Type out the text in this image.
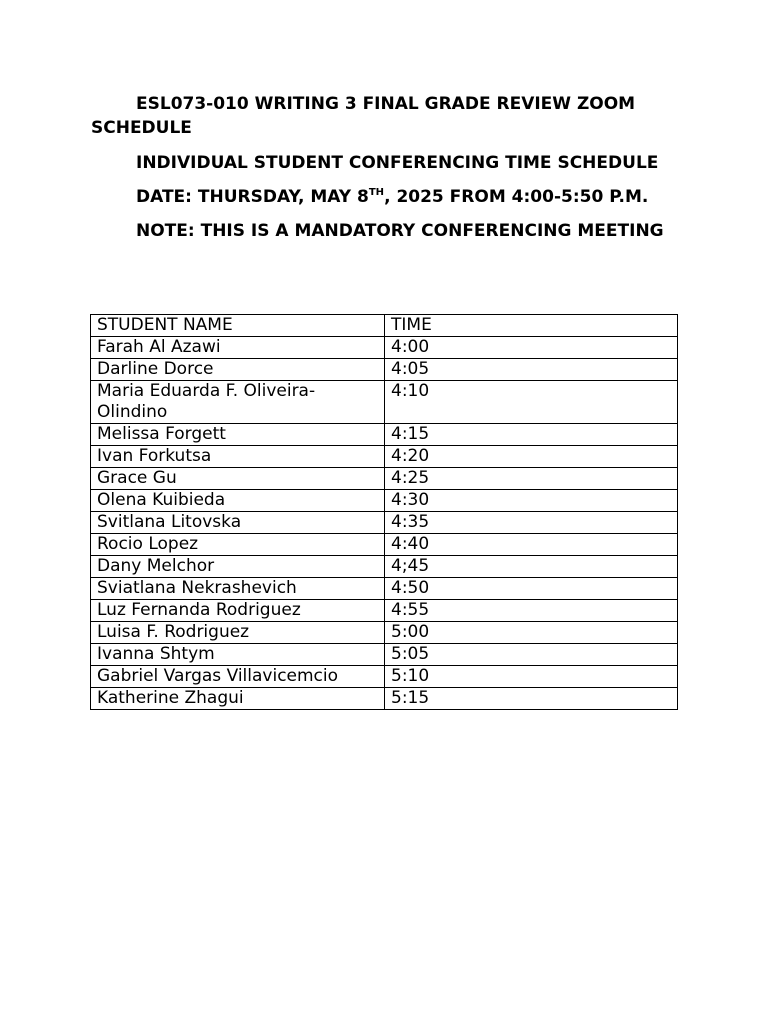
ESL073-010 WRITING 3 FINAL GRADE REVIEW ZOOM SCHEDULE
INDIVIDUAL STUDENT CONFERENCING TIME SCHEDULE
DATE: THURSDAY, MAY 8TH, 2025 FROM 4:00-5:50 P.M.
NOTE: THIS IS A MANDATORY CONFERENCING MEETING
STUDENT NAME	TIME
Farah Al Azawi	4:00
Darline Dorce	4:05
Maria Eduarda F. Oliveira-Olindino	4:10
Melissa Forgett	4:15
Ivan Forkutsa	4:20
Grace Gu	4:25
Olena Kuibieda	4:30
Svitlana Litovska	4:35
Rocio Lopez	4:40
Dany Melchor	4;45
Sviatlana Nekrashevich	4:50
Luz Fernanda Rodriguez	4:55
Luisa F. Rodriguez	5:00
Ivanna Shtym	5:05
Gabriel Vargas Villavicemcio	5:10
Katherine Zhagui	5:15
